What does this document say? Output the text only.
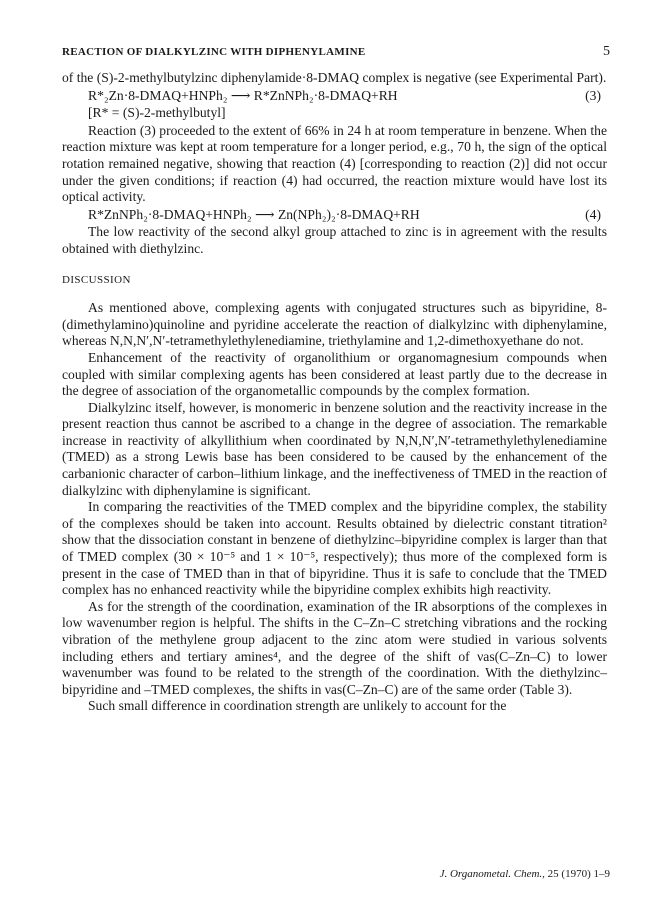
REACTION OF DIALKYLZINC WITH DIPHENYLAMINE	5

of the (S)-2-methylbutylzinc diphenylamide·8-DMAQ complex is negative (see Experimental Part).

R*₂Zn·8-DMAQ+HNPh₂ ⟶ R*ZnNPh₂·8-DMAQ+RH	(3)
[R* = (S)-2-methylbutyl]

Reaction (3) proceeded to the extent of 66% in 24 h at room temperature in benzene. When the reaction mixture was kept at room temperature for a longer period, e.g., 70 h, the sign of the optical rotation remained negative, showing that reaction (4) [corresponding to reaction (2)] did not occur under the given conditions; if reaction (4) had occurred, the reaction mixture would have lost its optical activity.

R*ZnNPh₂·8-DMAQ+HNPh₂ ⟶ Zn(NPh₂)₂·8-DMAQ+RH	(4)

The low reactivity of the second alkyl group attached to zinc is in agreement with the results obtained with diethylzinc.

DISCUSSION

As mentioned above, complexing agents with conjugated structures such as bipyridine, 8-(dimethylamino)quinoline and pyridine accelerate the reaction of dialkylzinc with diphenylamine, whereas N,N,N′,N′-tetramethylethylenediamine, triethylamine and 1,2-dimethoxyethane do not.

Enhancement of the reactivity of organolithium or organomagnesium compounds when coupled with similar complexing agents has been considered at least partly due to the decrease in the degree of association of the organometallic compounds by the complex formation.

Dialkylzinc itself, however, is monomeric in benzene solution and the reactivity increase in the present reaction thus cannot be ascribed to a change in the degree of association. The remarkable increase in reactivity of alkyllithium when coordinated by N,N,N′,N′-tetramethylethylenediamine (TMED) as a strong Lewis base has been considered to be caused by the enhancement of the carbanionic character of carbon–lithium linkage, and the ineffectiveness of TMED in the reaction of dialkylzinc with diphenylamine is significant.

In comparing the reactivities of the TMED complex and the bipyridine complex, the stability of the complexes should be taken into account. Results obtained by dielectric constant titration² show that the dissociation constant in benzene of diethylzinc–bipyridine complex is larger than that of TMED complex (30 × 10⁻⁵ and 1 × 10⁻⁵, respectively); thus more of the complexed form is present in the case of TMED than in that of bipyridine. Thus it is safe to conclude that the TMED complex has no enhanced reactivity while the bipyridine complex exhibits high reactivity.

As for the strength of the coordination, examination of the IR absorptions of the complexes in low wavenumber region is helpful. The shifts in the C–Zn–C stretching vibrations and the rocking vibration of the methylene group adjacent to the zinc atom were studied in various solvents including ethers and tertiary amines⁴, and the degree of the shift of νas(C–Zn–C) to lower wavenumber was found to be related to the strength of the coordination. With the diethylzinc–bipyridine and –TMED complexes, the shifts in νas(C–Zn–C) are of the same order (Table 3).

Such small difference in coordination strength are unlikely to account for the

J. Organometal. Chem., 25 (1970) 1–9
